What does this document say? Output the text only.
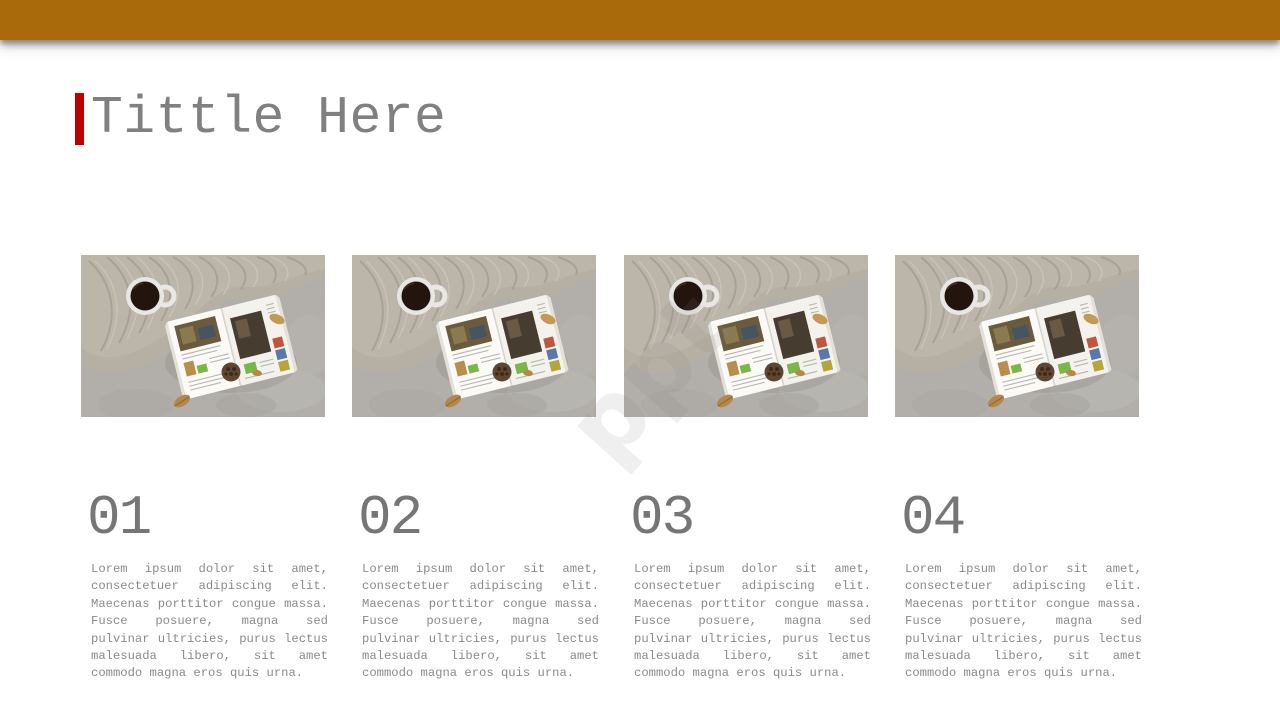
Tittle Here
01
Lorem ipsum dolor sit amet, consectetuer adipiscing elit. Maecenas porttitor congue massa. Fusce posuere, magna sed pulvinar ultricies, purus lectus malesuada libero, sit amet commodo magna eros quis urna.
02
Lorem ipsum dolor sit amet, consectetuer adipiscing elit. Maecenas porttitor congue massa. Fusce posuere, magna sed pulvinar ultricies, purus lectus malesuada libero, sit amet commodo magna eros quis urna.
03
Lorem ipsum dolor sit amet, consectetuer adipiscing elit. Maecenas porttitor congue massa. Fusce posuere, magna sed pulvinar ultricies, purus lectus malesuada libero, sit amet commodo magna eros quis urna.
04
Lorem ipsum dolor sit amet, consectetuer adipiscing elit. Maecenas porttitor congue massa. Fusce posuere, magna sed pulvinar ultricies, purus lectus malesuada libero, sit amet commodo magna eros quis urna.
